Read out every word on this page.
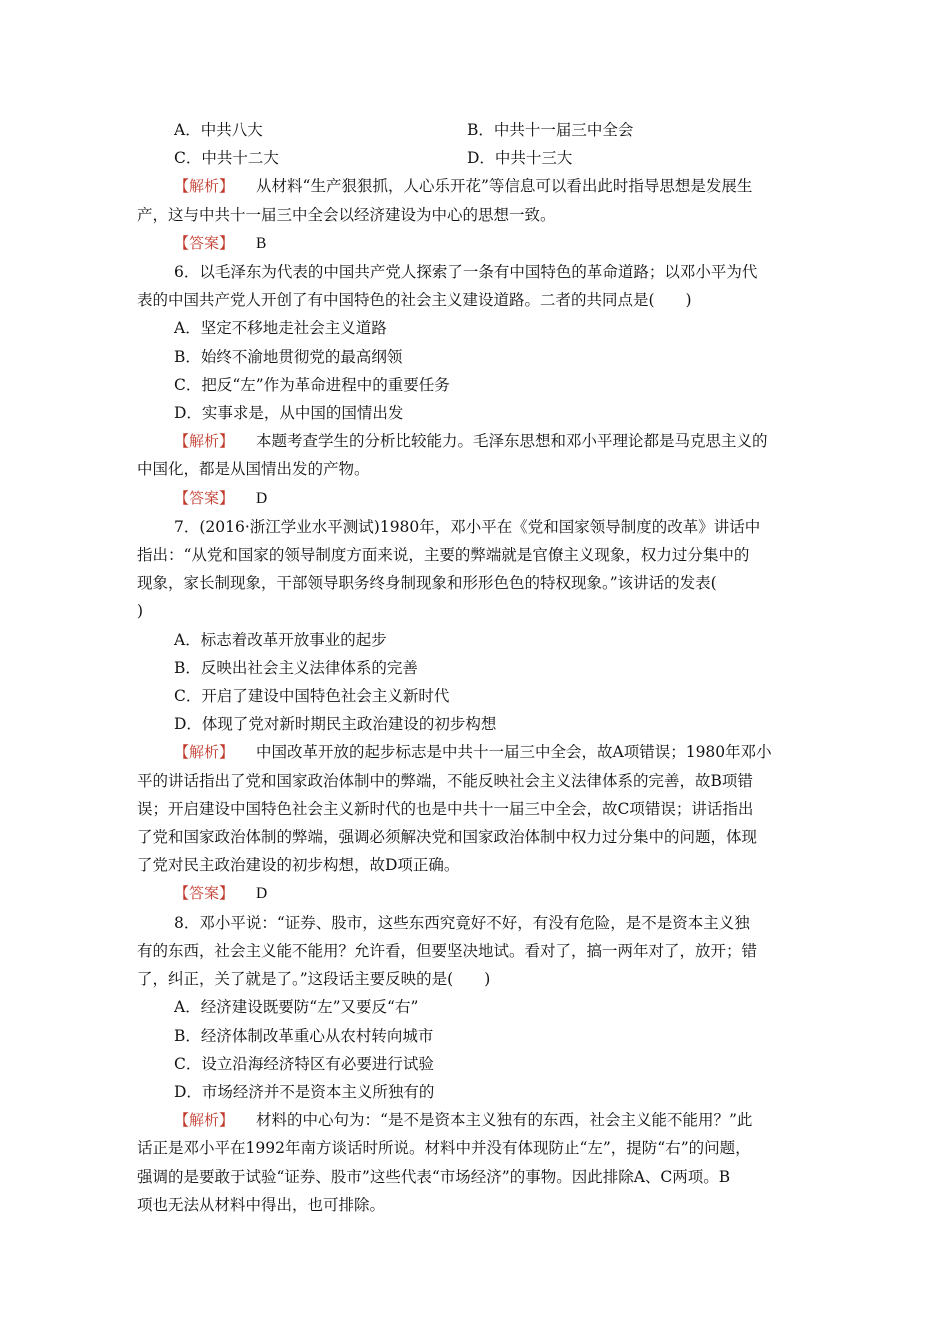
A．中共八大	B．中共十一届三中全会
C．中共十二大	D．中共十三大
【解析】 从材料“生产狠狠抓，人心乐开花”等信息可以看出此时指导思想是发展生
产，这与中共十一届三中全会以经济建设为中心的思想一致。
【答案】 B
6．以毛泽东为代表的中国共产党人探索了一条有中国特色的革命道路；以邓小平为代
表的中国共产党人开创了有中国特色的社会主义建设道路。二者的共同点是(　　)
A．坚定不移地走社会主义道路
B．始终不渝地贯彻党的最高纲领
C．把反“左”作为革命进程中的重要任务
D．实事求是，从中国的国情出发
【解析】 本题考查学生的分析比较能力。毛泽东思想和邓小平理论都是马克思主义的
中国化，都是从国情出发的产物。
【答案】 D
7．(2016·浙江学业水平测试)1980年，邓小平在《党和国家领导制度的改革》讲话中
指出：“从党和国家的领导制度方面来说，主要的弊端就是官僚主义现象，权力过分集中的
现象，家长制现象，干部领导职务终身制现象和形形色色的特权现象。”该讲话的发表(
)
A．标志着改革开放事业的起步
B．反映出社会主义法律体系的完善
C．开启了建设中国特色社会主义新时代
D．体现了党对新时期民主政治建设的初步构想
【解析】 中国改革开放的起步标志是中共十一届三中全会，故A项错误；1980年邓小
平的讲话指出了党和国家政治体制中的弊端，不能反映社会主义法律体系的完善，故B项错
误；开启建设中国特色社会主义新时代的也是中共十一届三中全会，故C项错误；讲话指出
了党和国家政治体制的弊端，强调必须解决党和国家政治体制中权力过分集中的问题，体现
了党对民主政治建设的初步构想，故D项正确。
【答案】 D
8．邓小平说：“证券、股市，这些东西究竟好不好，有没有危险，是不是资本主义独
有的东西，社会主义能不能用？允许看，但要坚决地试。看对了，搞一两年对了，放开；错
了，纠正，关了就是了。”这段话主要反映的是(　　)
A．经济建设既要防“左”又要反“右”
B．经济体制改革重心从农村转向城市
C．设立沿海经济特区有必要进行试验
D．市场经济并不是资本主义所独有的
【解析】 材料的中心句为：“是不是资本主义独有的东西，社会主义能不能用？”此
话正是邓小平在1992年南方谈话时所说。材料中并没有体现防止“左”，提防“右”的问题，
强调的是要敢于试验“证券、股市”这些代表“市场经济”的事物。因此排除A、C两项。B
项也无法从材料中得出，也可排除。
